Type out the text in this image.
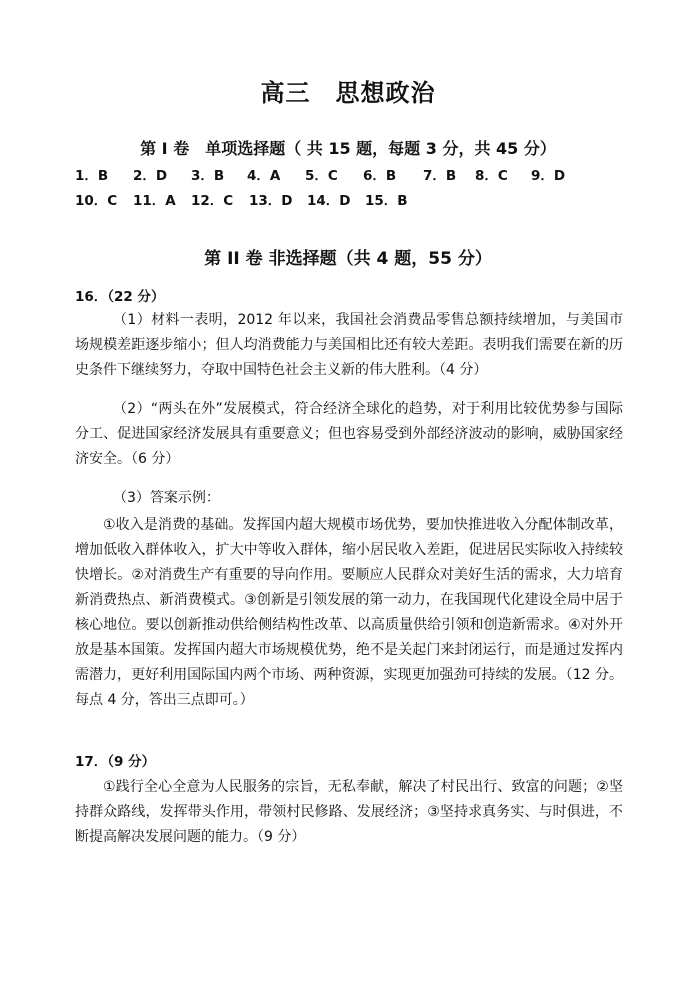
高三　思想政治
第 I 卷　单项选择题（ 共 15 题，每题 3 分，共 45 分）
1．B 2．D 3．B 4．A 5．C 6．B 7．B 8．C 9．D
10．C 11．A 12．C 13．D 14．D 15．B
第 II 卷 非选择题（共 4 题，55 分）
16．（22 分）
（1）材料一表明，2012 年以来，我国社会消费品零售总额持续增加，与美国市场规模差距逐步缩小；但人均消费能力与美国相比还有较大差距。表明我们需要在新的历史条件下继续努力，夺取中国特色社会主义新的伟大胜利。（4 分）
（2）“两头在外”发展模式，符合经济全球化的趋势，对于利用比较优势参与国际分工、促进国家经济发展具有重要意义；但也容易受到外部经济波动的影响，威胁国家经济安全。（6 分）
（3）答案示例：
①收入是消费的基础。发挥国内超大规模市场优势，要加快推进收入分配体制改革，增加低收入群体收入，扩大中等收入群体，缩小居民收入差距，促进居民实际收入持续较快增长。②对消费生产有重要的导向作用。要顺应人民群众对美好生活的需求，大力培育新消费热点、新消费模式。③创新是引领发展的第一动力，在我国现代化建设全局中居于核心地位。要以创新推动供给侧结构性改革、以高质量供给引领和创造新需求。④对外开放是基本国策。发挥国内超大市场规模优势，绝不是关起门来封闭运行，而是通过发挥内需潜力，更好利用国际国内两个市场、两种资源，实现更加强劲可持续的发展。（12 分。每点 4 分，答出三点即可。）
17．（9 分）
①践行全心全意为人民服务的宗旨，无私奉献，解决了村民出行、致富的问题；②坚持群众路线，发挥带头作用，带领村民修路、发展经济；③坚持求真务实、与时俱进，不断提高解决发展问题的能力。（9 分）
